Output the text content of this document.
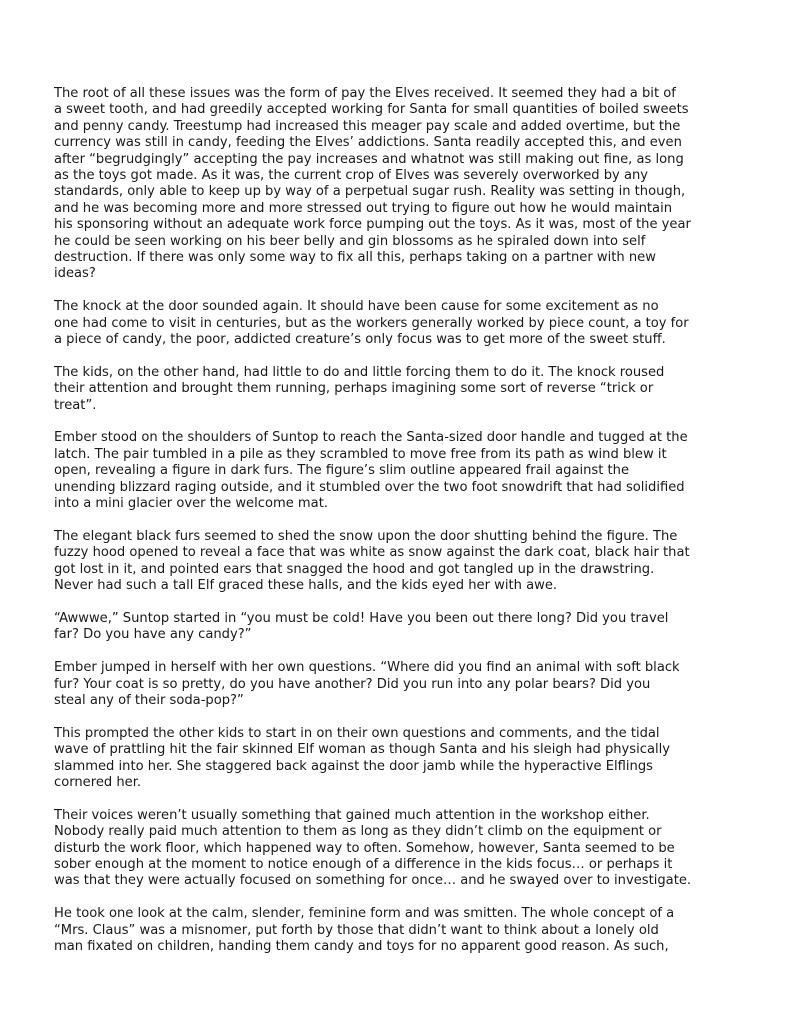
The root of all these issues was the form of pay the Elves received. It seemed they had a bit of
a sweet tooth, and had greedily accepted working for Santa for small quantities of boiled sweets
and penny candy. Treestump had increased this meager pay scale and added overtime, but the
currency was still in candy, feeding the Elves’ addictions. Santa readily accepted this, and even
after “begrudgingly” accepting the pay increases and whatnot was still making out fine, as long
as the toys got made. As it was, the current crop of Elves was severely overworked by any
standards, only able to keep up by way of a perpetual sugar rush. Reality was setting in though,
and he was becoming more and more stressed out trying to figure out how he would maintain
his sponsoring without an adequate work force pumping out the toys. As it was, most of the year
he could be seen working on his beer belly and gin blossoms as he spiraled down into self
destruction. If there was only some way to fix all this, perhaps taking on a partner with new
ideas?

The knock at the door sounded again. It should have been cause for some excitement as no
one had come to visit in centuries, but as the workers generally worked by piece count, a toy for
a piece of candy, the poor, addicted creature’s only focus was to get more of the sweet stuff.

The kids, on the other hand, had little to do and little forcing them to do it. The knock roused
their attention and brought them running, perhaps imagining some sort of reverse “trick or
treat”.

Ember stood on the shoulders of Suntop to reach the Santa-sized door handle and tugged at the
latch. The pair tumbled in a pile as they scrambled to move free from its path as wind blew it
open, revealing a figure in dark furs. The figure’s slim outline appeared frail against the
unending blizzard raging outside, and it stumbled over the two foot snowdrift that had solidified
into a mini glacier over the welcome mat.

The elegant black furs seemed to shed the snow upon the door shutting behind the figure. The
fuzzy hood opened to reveal a face that was white as snow against the dark coat, black hair that
got lost in it, and pointed ears that snagged the hood and got tangled up in the drawstring.
Never had such a tall Elf graced these halls, and the kids eyed her with awe.

“Awwwe,” Suntop started in “you must be cold! Have you been out there long? Did you travel
far? Do you have any candy?”

Ember jumped in herself with her own questions. “Where did you find an animal with soft black
fur? Your coat is so pretty, do you have another? Did you run into any polar bears? Did you
steal any of their soda-pop?”

This prompted the other kids to start in on their own questions and comments, and the tidal
wave of prattling hit the fair skinned Elf woman as though Santa and his sleigh had physically
slammed into her. She staggered back against the door jamb while the hyperactive Elflings
cornered her.

Their voices weren’t usually something that gained much attention in the workshop either.
Nobody really paid much attention to them as long as they didn’t climb on the equipment or
disturb the work floor, which happened way to often. Somehow, however, Santa seemed to be
sober enough at the moment to notice enough of a difference in the kids focus… or perhaps it
was that they were actually focused on something for once… and he swayed over to investigate.

He took one look at the calm, slender, feminine form and was smitten. The whole concept of a
“Mrs. Claus” was a misnomer, put forth by those that didn’t want to think about a lonely old
man fixated on children, handing them candy and toys for no apparent good reason. As such,
